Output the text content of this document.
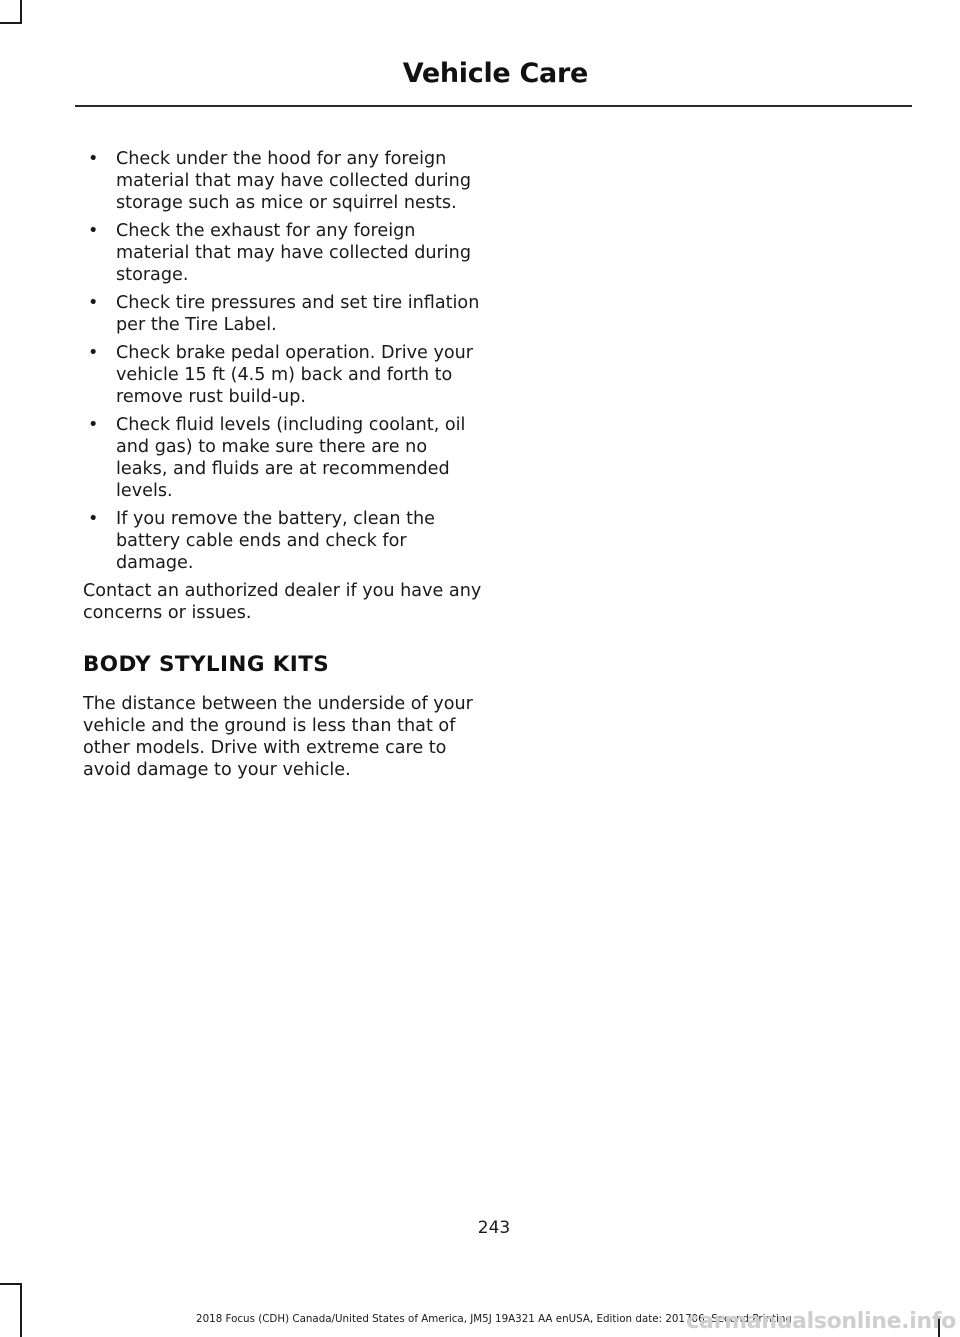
Vehicle Care
• Check under the hood for any foreign material that may have collected during storage such as mice or squirrel nests.
• Check the exhaust for any foreign material that may have collected during storage.
• Check tire pressures and set tire inflation per the Tire Label.
• Check brake pedal operation. Drive your vehicle 15 ft (4.5 m) back and forth to remove rust build-up.
• Check fluid levels (including coolant, oil and gas) to make sure there are no leaks, and fluids are at recommended levels.
• If you remove the battery, clean the battery cable ends and check for damage.

Contact an authorized dealer if you have any concerns or issues.

BODY STYLING KITS

The distance between the underside of your vehicle and the ground is less than that of other models. Drive with extreme care to avoid damage to your vehicle.

243
2018 Focus (CDH) Canada/United States of America, JM5J 19A321 AA enUSA, Edition date: 201706, Second Printing
carmanualsonline.info
